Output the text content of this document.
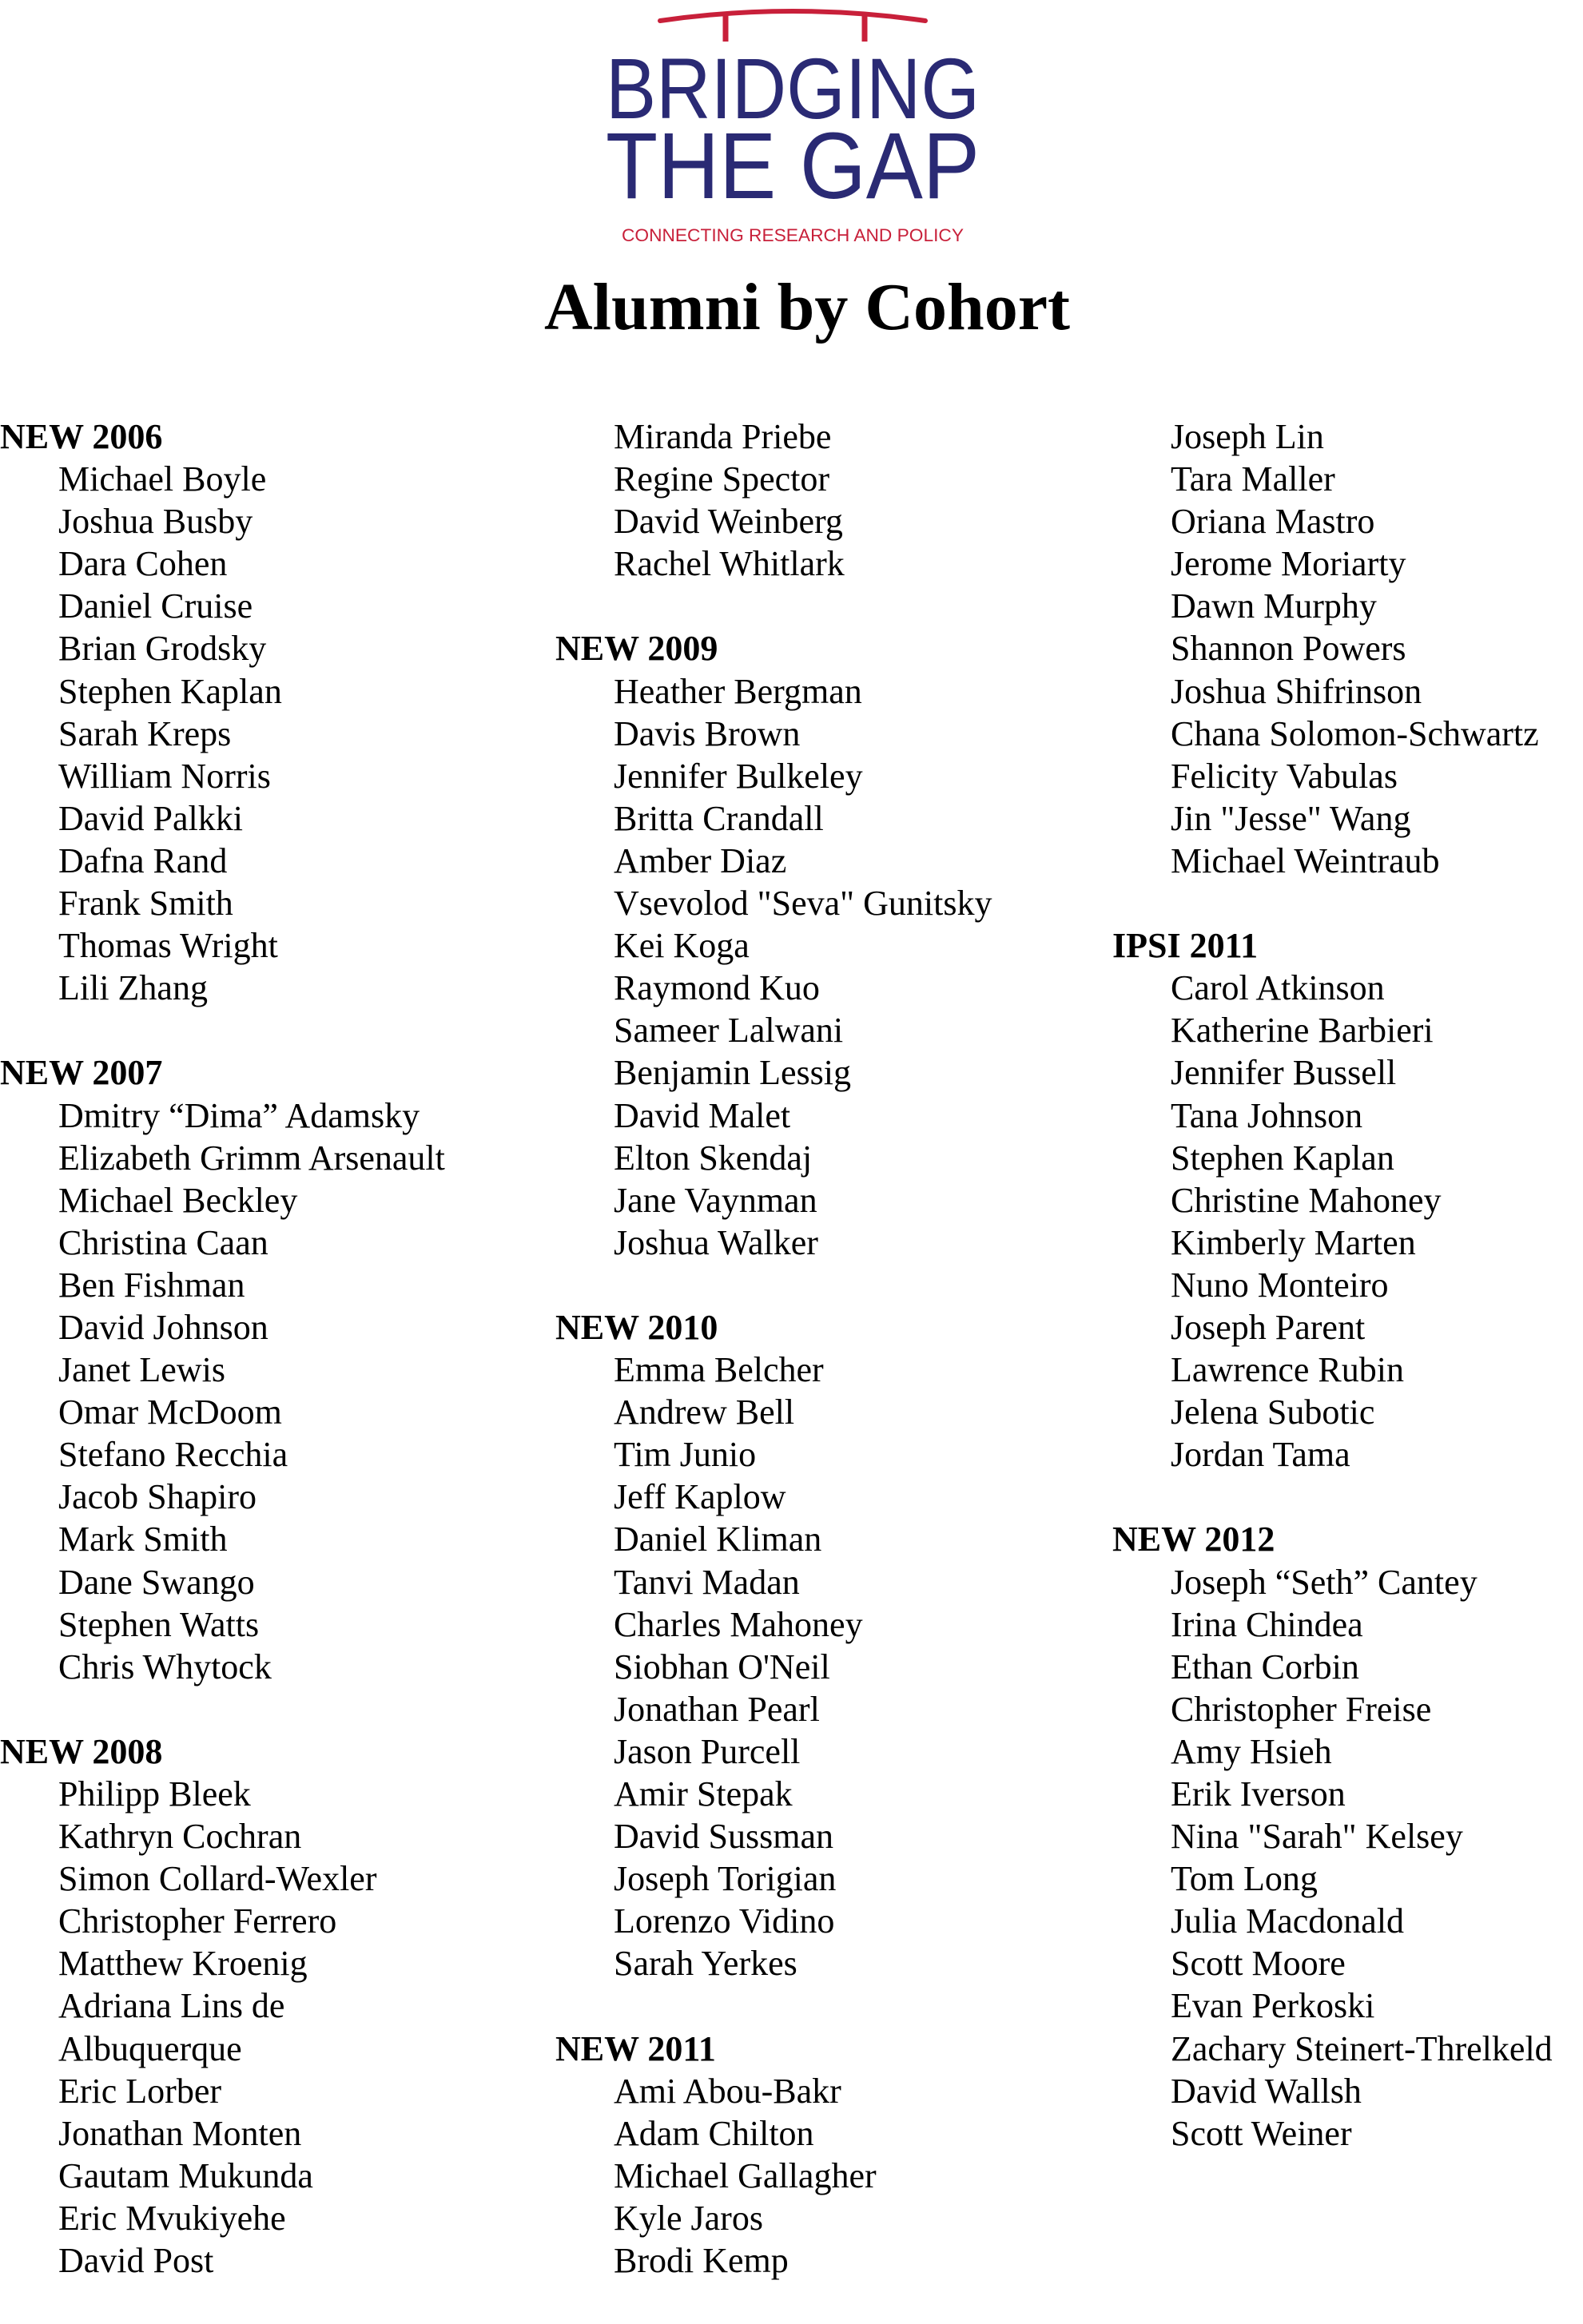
BRIDGING
THE GAP
CONNECTING RESEARCH AND POLICY
Alumni by Cohort
NEW 2006
Michael Boyle
Joshua Busby
Dara Cohen
Daniel Cruise
Brian Grodsky
Stephen Kaplan
Sarah Kreps
William Norris
David Palkki
Dafna Rand
Frank Smith
Thomas Wright
Lili Zhang
NEW 2007
Dmitry “Dima” Adamsky
Elizabeth Grimm Arsenault
Michael Beckley
Christina Caan
Ben Fishman
David Johnson
Janet Lewis
Omar McDoom
Stefano Recchia
Jacob Shapiro
Mark Smith
Dane Swango
Stephen Watts
Chris Whytock
NEW 2008
Philipp Bleek
Kathryn Cochran
Simon Collard-Wexler
Christopher Ferrero
Matthew Kroenig
Adriana Lins de
Albuquerque
Eric Lorber
Jonathan Monten
Gautam Mukunda
Eric Mvukiyehe
David Post
Miranda Priebe
Regine Spector
David Weinberg
Rachel Whitlark
NEW 2009
Heather Bergman
Davis Brown
Jennifer Bulkeley
Britta Crandall
Amber Diaz
Vsevolod "Seva" Gunitsky
Kei Koga
Raymond Kuo
Sameer Lalwani
Benjamin Lessig
David Malet
Elton Skendaj
Jane Vaynman
Joshua Walker
NEW 2010
Emma Belcher
Andrew Bell
Tim Junio
Jeff Kaplow
Daniel Kliman
Tanvi Madan
Charles Mahoney
Siobhan O'Neil
Jonathan Pearl
Jason Purcell
Amir Stepak
David Sussman
Joseph Torigian
Lorenzo Vidino
Sarah Yerkes
NEW 2011
Ami Abou-Bakr
Adam Chilton
Michael Gallagher
Kyle Jaros
Brodi Kemp
Joseph Lin
Tara Maller
Oriana Mastro
Jerome Moriarty
Dawn Murphy
Shannon Powers
Joshua Shifrinson
Chana Solomon-Schwartz
Felicity Vabulas
Jin "Jesse" Wang
Michael Weintraub
IPSI 2011
Carol Atkinson
Katherine Barbieri
Jennifer Bussell
Tana Johnson
Stephen Kaplan
Christine Mahoney
Kimberly Marten
Nuno Monteiro
Joseph Parent
Lawrence Rubin
Jelena Subotic
Jordan Tama
NEW 2012
Joseph “Seth” Cantey
Irina Chindea
Ethan Corbin
Christopher Freise
Amy Hsieh
Erik Iverson
Nina "Sarah" Kelsey
Tom Long
Julia Macdonald
Scott Moore
Evan Perkoski
Zachary Steinert-Threlkeld
David Wallsh
Scott Weiner
